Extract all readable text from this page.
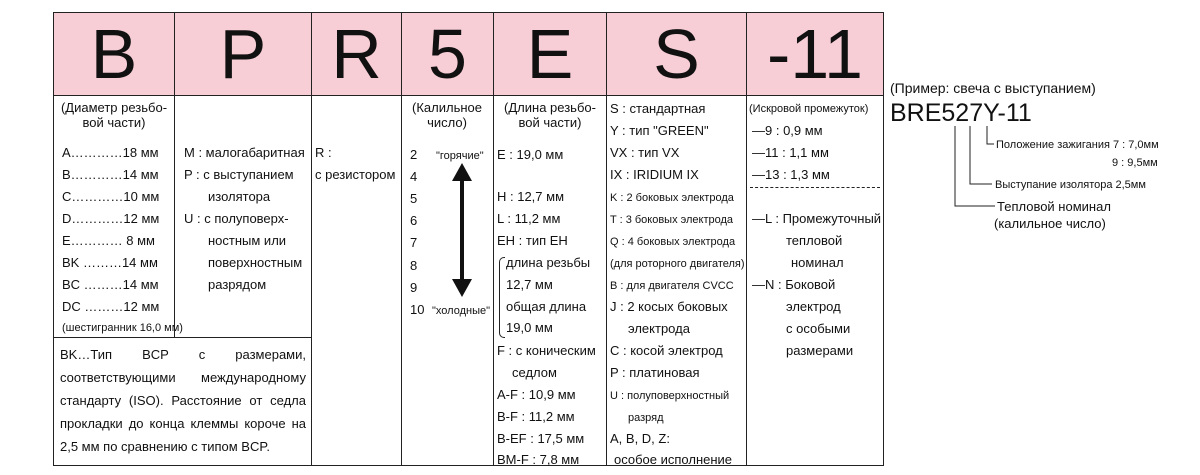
B	P R 5 E	S -11
(Диаметр резьбо-
вой части)
A…………18 мм
B…………14 мм
C…………10 мм
D…………12 мм
E………… 8 мм
BK ………14 мм
BC ………14 мм
DC ………12 мм
(шестигранник 16,0 мм)
BK…Тип BCP с размерами, соответствующими международному стандарту (ISO). Расстояние от седла прокладки до конца клеммы короче на 2,5 мм по сравнению с типом BCP.
M : малогабаритная
P : с выступанием
изолятора
U : с полуповерх-
ностным или
поверхностным
разрядом
R :
с резистором
(Калильное
число)
2
4
5
6
7
8
9
10
"горячие"
"холодные"
(Длина резьбо-
вой части)
E : 19,0 мм
H : 12,7 мм
L : 11,2 мм
EH : тип EH
длина резьбы
12,7 мм
общая длина
19,0 мм
F : с коническим
седлом
A-F : 10,9 мм
B-F : 11,2 мм
B-EF : 17,5 мм
BM-F : 7,8 мм
S : стандартная
Y : тип "GREEN"
VX : тип VX
IX : IRIDIUM IX
K : 2 боковых электрода
T : 3 боковых электрода
Q : 4 боковых электрода
(для роторного двигателя)
B : для двигателя CVCC
J : 2 косых боковых
электрода
C : косой электрод
P : платиновая
U : полуповерхностный
разряд
A, B, D, Z:
особое исполнение
(Искровой промежуток)
—9 : 0,9 мм
—11 : 1,1 мм
—13 : 1,3 мм
—L : Промежуточный
тепловой
номинал
—N : Боковой
электрод
с особыми
размерами
(Пример: свеча с выступанием)
BRE527Y-11
Положение зажигания 7 : 7,0мм
9 : 9,5мм
Выступание изолятора 2,5мм
Тепловой номинал
(калильное число)
